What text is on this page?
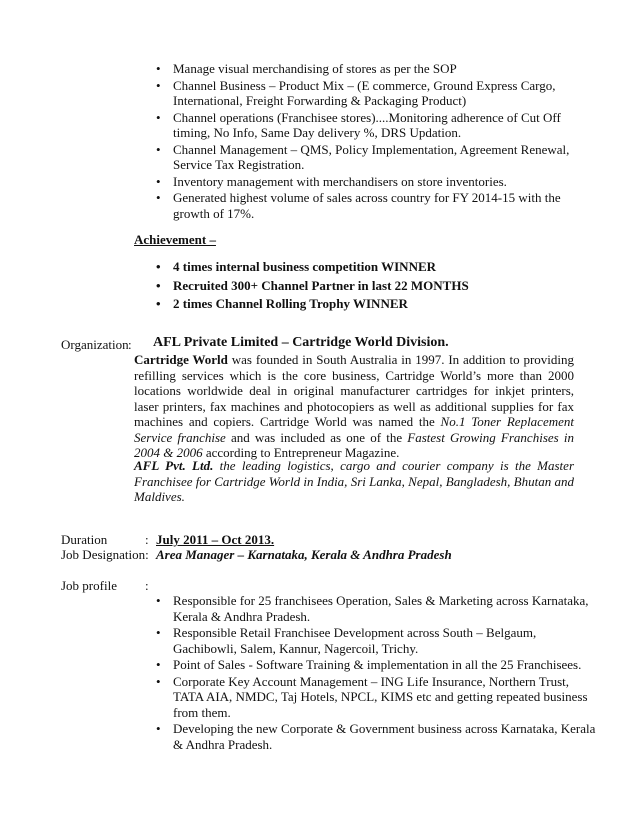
• Manage visual merchandising of stores as per the SOP
• Channel Business – Product Mix – (E commerce, Ground Express Cargo, International, Freight Forwarding & Packaging Product)
• Channel operations (Franchisee stores)....Monitoring adherence of Cut Off timing, No Info, Same Day delivery %, DRS Updation.
• Channel Management – QMS, Policy Implementation, Agreement Renewal, Service Tax Registration.
• Inventory management with merchandisers on store inventories.
• Generated highest volume of sales across country for FY 2014-15 with the growth of 17%.
Achievement –
• 4 times internal business competition WINNER
• Recruited 300+ Channel Partner in last 22 MONTHS
• 2 times Channel Rolling Trophy WINNER
Organization : AFL Private Limited – Cartridge World Division.
Cartridge World was founded in South Australia in 1997. In addition to providing refilling services which is the core business, Cartridge World’s more than 2000 locations worldwide deal in original manufacturer cartridges for inkjet printers, laser printers, fax machines and photocopiers as well as additional supplies for fax machines and copiers. Cartridge World was named the No.1 Toner Replacement Service franchise and was included as one of the Fastest Growing Franchises in 2004 & 2006 according to Entrepreneur Magazine.
AFL Pvt. Ltd. the leading logistics, cargo and courier company is the Master Franchisee for Cartridge World in India, Sri Lanka, Nepal, Bangladesh, Bhutan and Maldives.
Duration	: July 2011 – Oct 2013.
Job Designation: Area Manager – Karnataka, Kerala & Andhra Pradesh
Job profile :
• Responsible for 25 franchisees Operation, Sales & Marketing across Karnataka, Kerala & Andhra Pradesh.
• Responsible Retail Franchisee Development across South – Belgaum, Gachibowli, Salem, Kannur, Nagercoil, Trichy.
• Point of Sales - Software Training & implementation in all the 25 Franchisees.
• Corporate Key Account Management – ING Life Insurance, Northern Trust, TATA AIA, NMDC, Taj Hotels, NPCL, KIMS etc and getting repeated business from them.
• Developing the new Corporate & Government business across Karnataka, Kerala & Andhra Pradesh.
